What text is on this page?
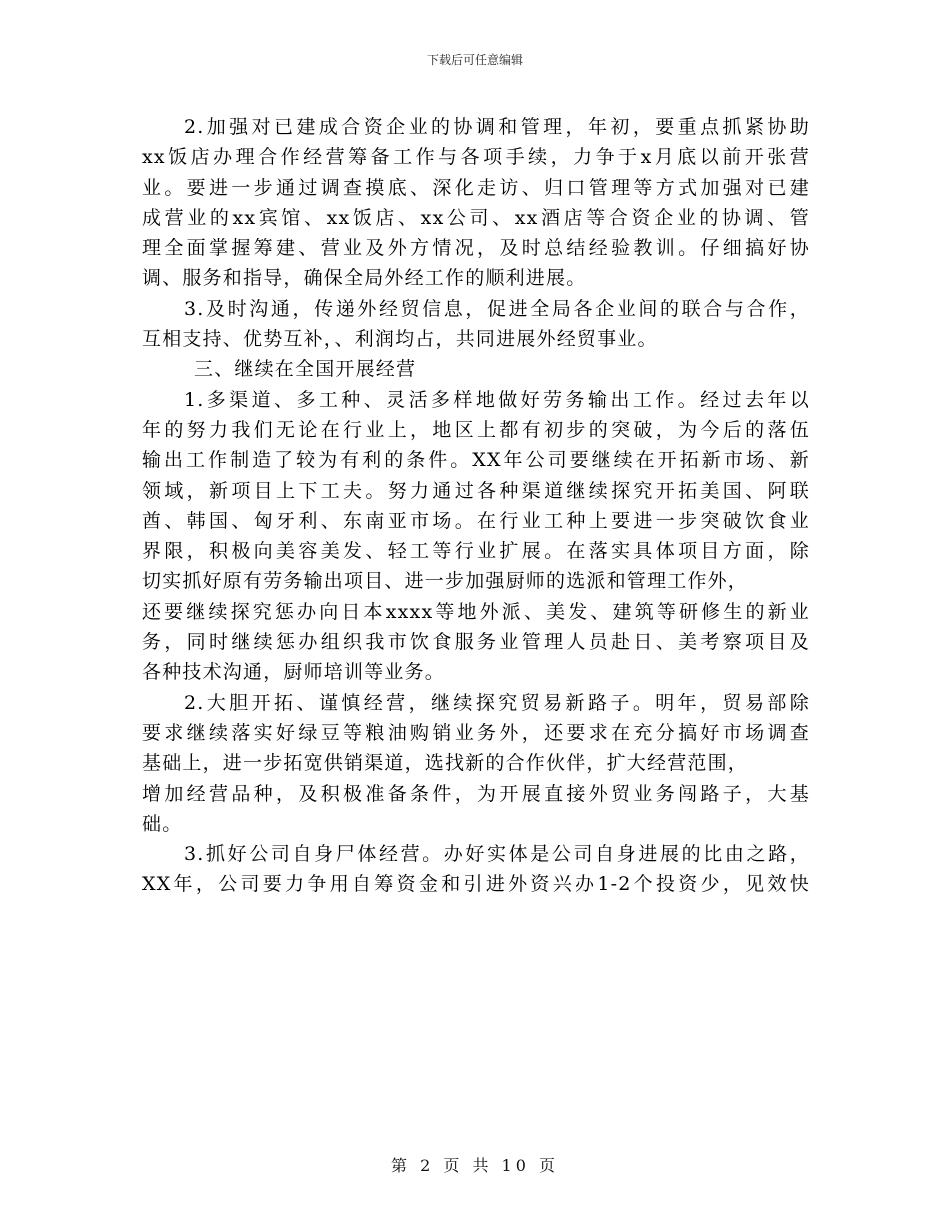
下载后可任意编辑
2.加强对已建成合资企业的协调和管理，年初，要重点抓紧协助
xx饭店办理合作经营筹备工作与各项手续，力争于x月底以前开张营
业。要进一步通过调查摸底、深化走访、归口管理等方式加强对已建
成营业的xx宾馆、xx饭店、xx公司、xx酒店等合资企业的协调、管
理全面掌握筹建、营业及外方情况，及时总结经验教训。仔细搞好协
调、服务和指导，确保全局外经工作的顺利进展。
3.及时沟通，传递外经贸信息，促进全局各企业间的联合与合作，
互相支持、优势互补，、利润均占，共同进展外经贸事业。
三、继续在全国开展经营
1.多渠道、多工种、灵活多样地做好劳务输出工作。经过去年以
年的努力我们无论在行业上，地区上都有初步的突破，为今后的落伍
输出工作制造了较为有利的条件。XX年公司要继续在开拓新市场、新
领域，新项目上下工夫。努力通过各种渠道继续探究开拓美国、阿联
酋、韩国、匈牙利、东南亚市场。在行业工种上要进一步突破饮食业
界限，积极向美容美发、轻工等行业扩展。在落实具体项目方面，除
切实抓好原有劳务输出项目、进一步加强厨师的选派和管理工作外，
还要继续探究惩办向日本xxxx等地外派、美发、建筑等研修生的新业
务，同时继续惩办组织我市饮食服务业管理人员赴日、美考察项目及
各种技术沟通，厨师培训等业务。
2.大胆开拓、谨慎经营，继续探究贸易新路子。明年，贸易部除
要求继续落实好绿豆等粮油购销业务外，还要求在充分搞好市场调查
基础上，进一步拓宽供销渠道，选找新的合作伙伴，扩大经营范围，
增加经营品种，及积极准备条件，为开展直接外贸业务闯路子，大基
础。
3.抓好公司自身尸体经营。办好实体是公司自身进展的比由之路，
XX年，公司要力争用自筹资金和引进外资兴办1-2个投资少，见效快
第 2 页 共 10 页
